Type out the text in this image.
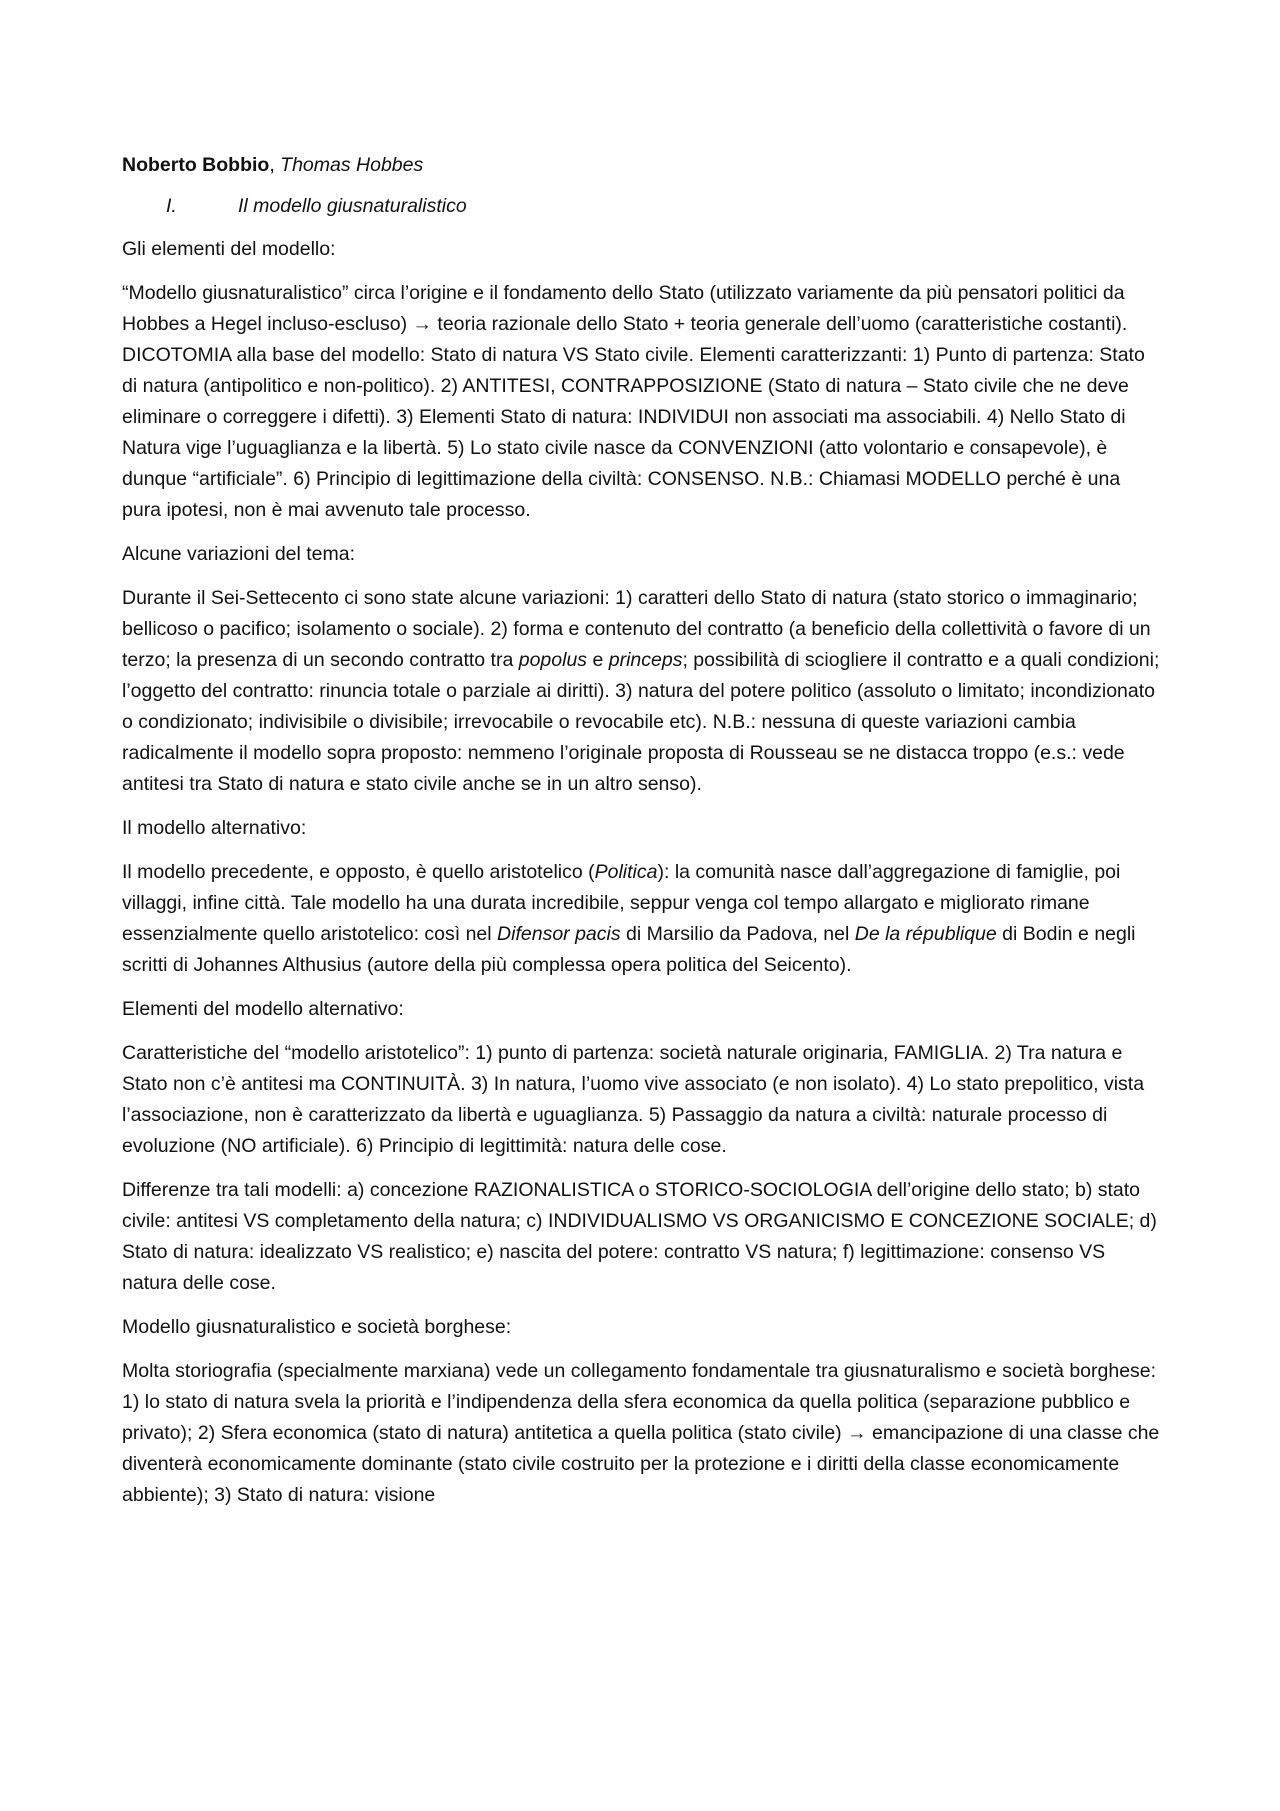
Noberto Bobbio, Thomas Hobbes
I.	Il modello giusnaturalistico
Gli elementi del modello:

“Modello giusnaturalistico” circa l’origine e il fondamento dello Stato (utilizzato variamente da più pensatori politici da Hobbes a Hegel incluso-escluso) → teoria razionale dello Stato + teoria generale dell’uomo (caratteristiche costanti). DICOTOMIA alla base del modello: Stato di natura VS Stato civile. Elementi caratterizzanti: 1) Punto di partenza: Stato di natura (antipolitico e non-politico). 2) ANTITESI, CONTRAPPOSIZIONE (Stato di natura – Stato civile che ne deve eliminare o correggere i difetti). 3) Elementi Stato di natura: INDIVIDUI non associati ma associabili. 4) Nello Stato di Natura vige l’uguaglianza e la libertà. 5) Lo stato civile nasce da CONVENZIONI (atto volontario e consapevole), è dunque “artificiale”. 6) Principio di legittimazione della civiltà: CONSENSO. N.B.: Chiamasi MODELLO perché è una pura ipotesi, non è mai avvenuto tale processo.

Alcune variazioni del tema:

Durante il Sei-Settecento ci sono state alcune variazioni: 1) caratteri dello Stato di natura (stato storico o immaginario; bellicoso o pacifico; isolamento o sociale). 2) forma e contenuto del contratto (a beneficio della collettività o favore di un terzo; la presenza di un secondo contratto tra popolus e princeps; possibilità di sciogliere il contratto e a quali condizioni; l’oggetto del contratto: rinuncia totale o parziale ai diritti). 3) natura del potere politico (assoluto o limitato; incondizionato o condizionato; indivisibile o divisibile; irrevocabile o revocabile etc). N.B.: nessuna di queste variazioni cambia radicalmente il modello sopra proposto: nemmeno l’originale proposta di Rousseau se ne distacca troppo (e.s.: vede antitesi tra Stato di natura e stato civile anche se in un altro senso).

Il modello alternativo:

Il modello precedente, e opposto, è quello aristotelico (Politica): la comunità nasce dall’aggregazione di famiglie, poi villaggi, infine città. Tale modello ha una durata incredibile, seppur venga col tempo allargato e migliorato rimane essenzialmente quello aristotelico: così nel Difensor pacis di Marsilio da Padova, nel De la république di Bodin e negli scritti di Johannes Althusius (autore della più complessa opera politica del Seicento).

Elementi del modello alternativo:

Caratteristiche del “modello aristotelico”: 1) punto di partenza: società naturale originaria, FAMIGLIA. 2) Tra natura e Stato non c’è antitesi ma CONTINUITÀ. 3) In natura, l’uomo vive associato (e non isolato). 4) Lo stato prepolitico, vista l’associazione, non è caratterizzato da libertà e uguaglianza. 5) Passaggio da natura a civiltà: naturale processo di evoluzione (NO artificiale). 6) Principio di legittimità: natura delle cose.

Differenze tra tali modelli: a) concezione RAZIONALISTICA o STORICO-SOCIOLOGIA dell’origine dello stato; b) stato civile: antitesi VS completamento della natura; c) INDIVIDUALISMO VS ORGANICISMO E CONCEZIONE SOCIALE; d) Stato di natura: idealizzato VS realistico; e) nascita del potere: contratto VS natura; f) legittimazione: consenso VS natura delle cose.

Modello giusnaturalistico e società borghese:

Molta storiografia (specialmente marxiana) vede un collegamento fondamentale tra giusnaturalismo e società borghese: 1) lo stato di natura svela la priorità e l’indipendenza della sfera economica da quella politica (separazione pubblico e privato); 2) Sfera economica (stato di natura) antitetica a quella politica (stato civile) → emancipazione di una classe che diventerà economicamente dominante (stato civile costruito per la protezione e i diritti della classe economicamente abbiente); 3) Stato di natura: visione
